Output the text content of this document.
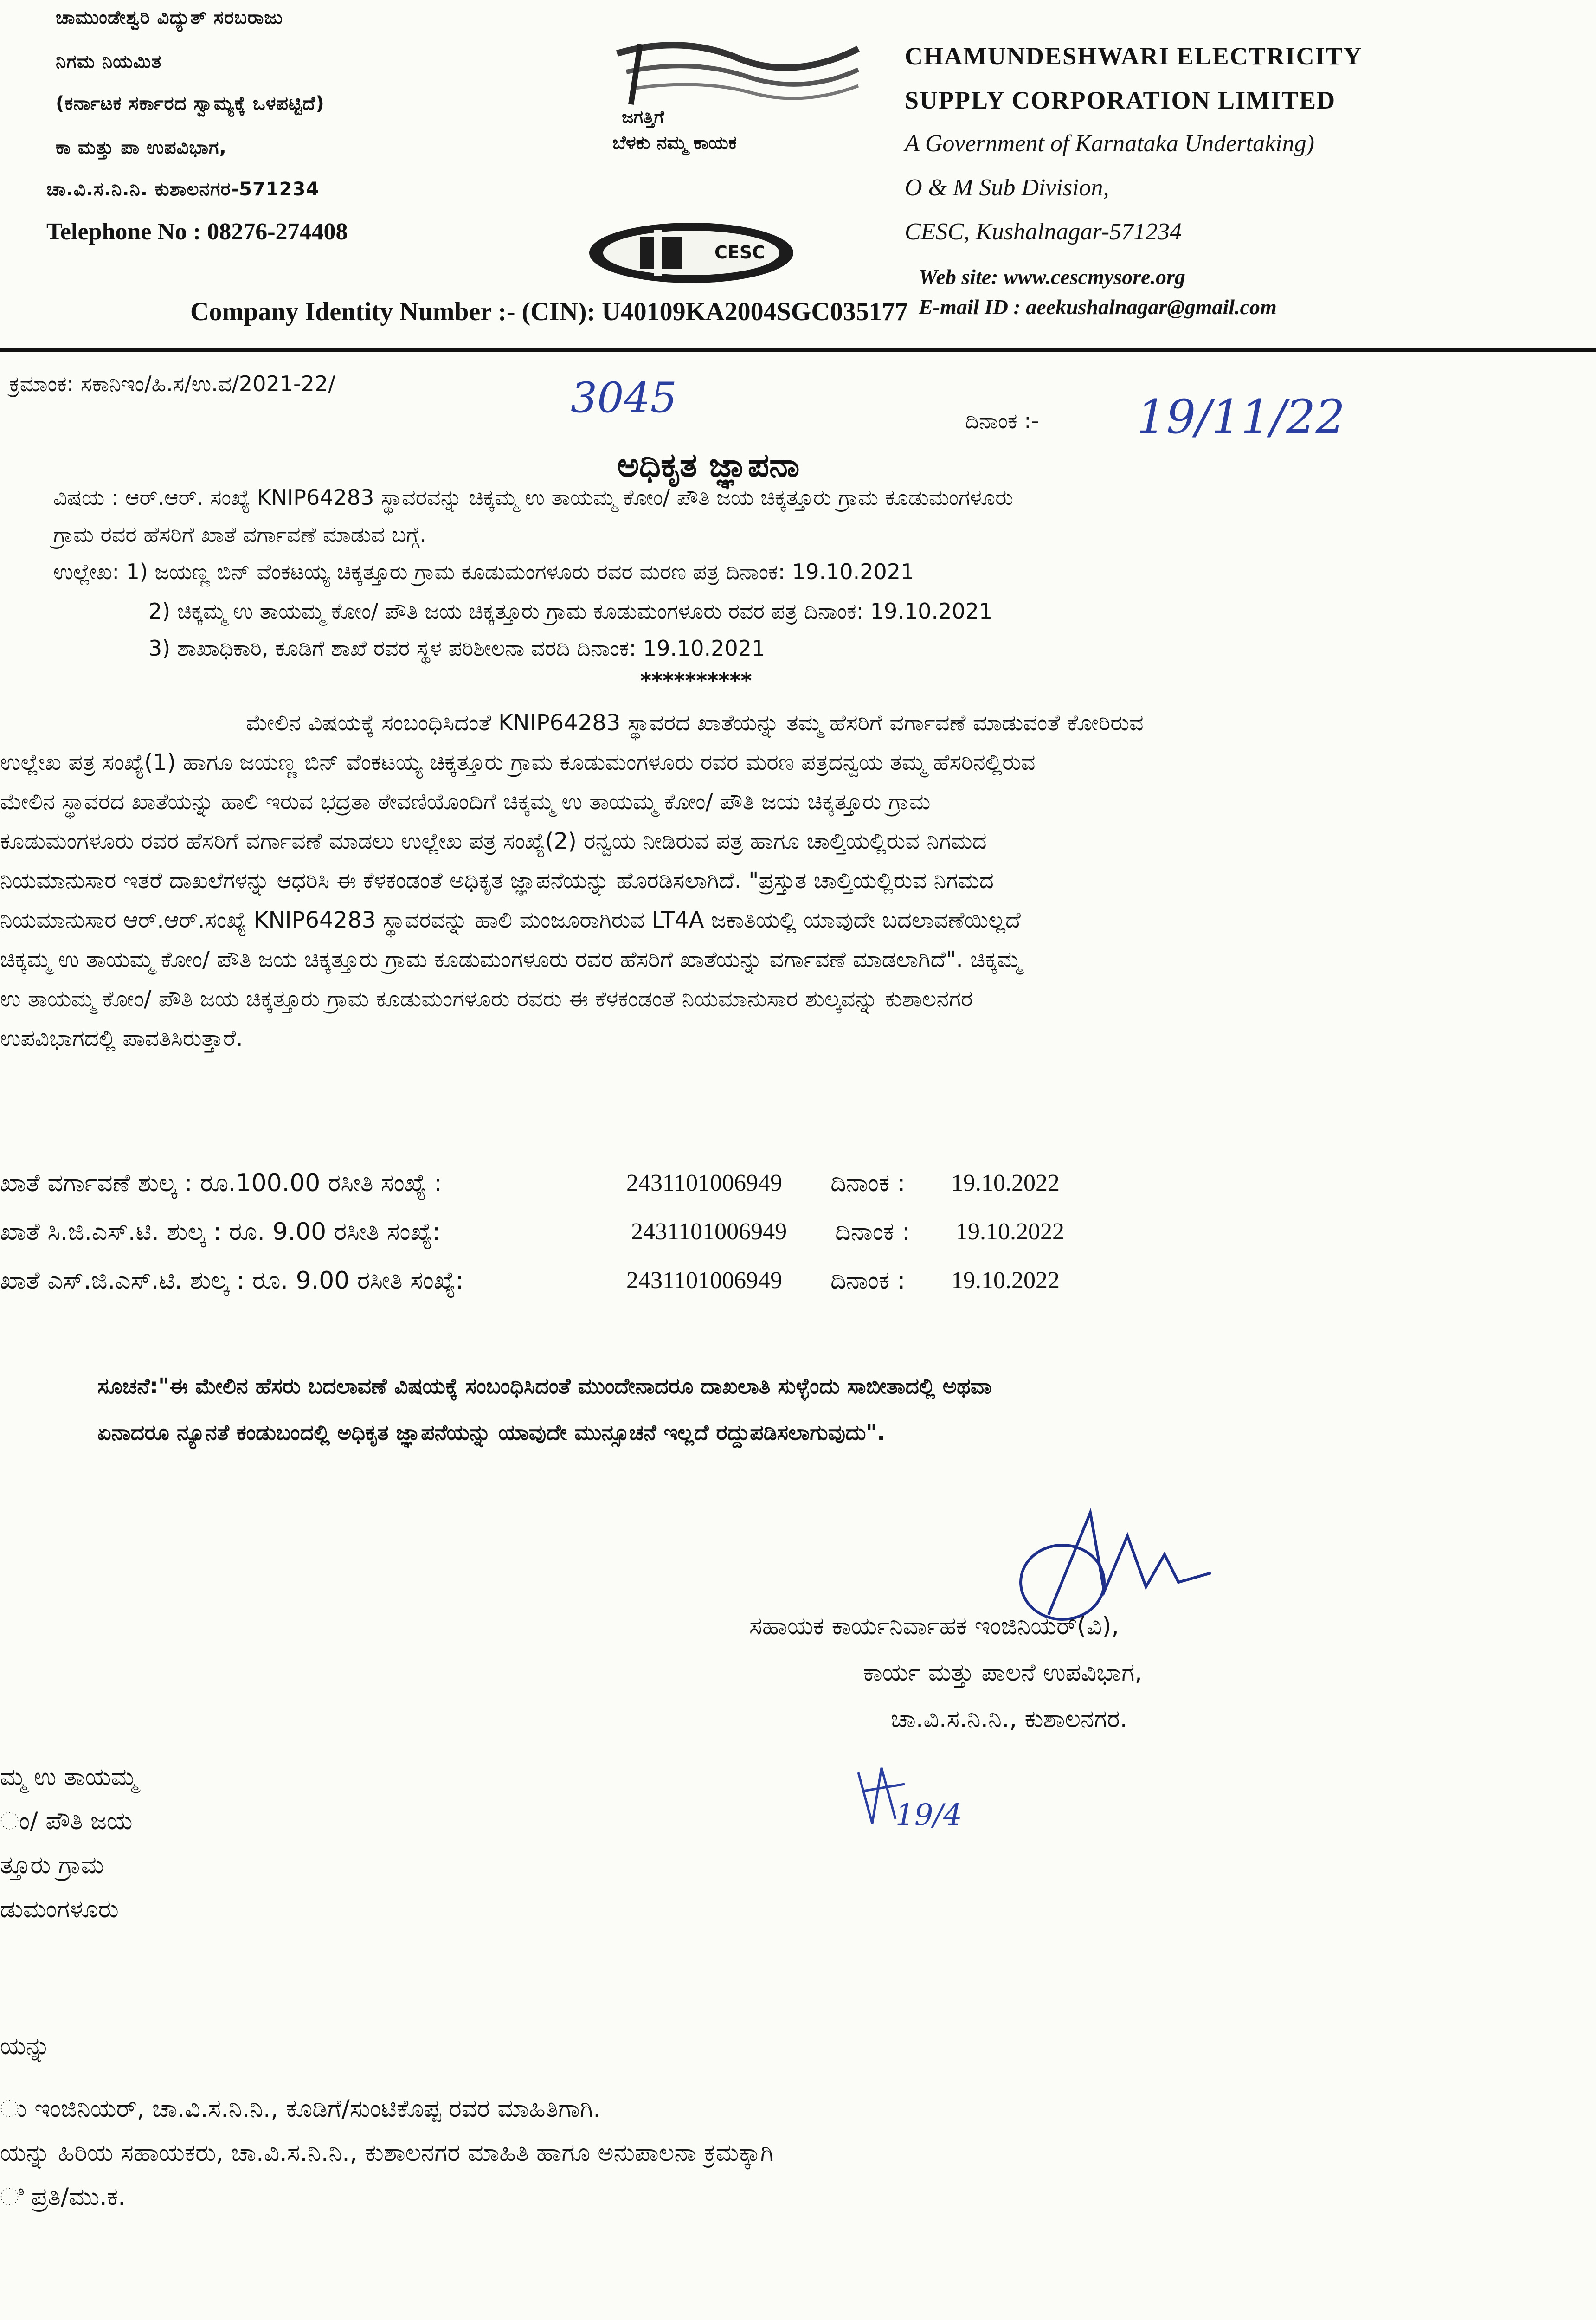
ಚಾಮುಂಡೇಶ್ವರಿ ವಿದ್ಯುತ್ ಸರಬರಾಜು
ನಿಗಮ ನಿಯಮಿತ
(ಕರ್ನಾಟಕ ಸರ್ಕಾರದ ಸ್ವಾಮ್ಯಕ್ಕೆ ಒಳಪಟ್ಟಿದೆ)
ಕಾ ಮತ್ತು ಪಾ ಉಪವಿಭಾಗ,
ಚಾ.ವಿ.ಸ.ನಿ.ನಿ. ಕುಶಾಲನಗರ-571234
Telephone No : 08276-274408
ಜಗತ್ತಿಗೆ
ಬೆಳಕು ನಮ್ಮ ಕಾಯಕ
CESC
CHAMUNDESHWARI ELECTRICITY
SUPPLY CORPORATION LIMITED
A Government of Karnataka Undertaking)
O & M Sub Division,
CESC, Kushalnagar-571234
Web site: www.cescmysore.org
E-mail ID : aeekushalnagar@gmail.com
Company Identity Number :- (CIN): U40109KA2004SGC035177
ಕ್ರಮಾಂಕ: ಸಕಾನಿಇಂ/ಹಿ.ಸ/ಉ.ವ/2021-22/	3045	ದಿನಾಂಕ :- 19/11/22
ಅಧಿಕೃತ ಜ್ಞಾಪನಾ
ವಿಷಯ : ಆರ್.ಆರ್. ಸಂಖ್ಯೆ KNIP64283 ಸ್ಥಾವರವನ್ನು ಚಿಕ್ಕಮ್ಮ ಉ ತಾಯಮ್ಮ ಕೋಂ/ ಪೌತಿ ಜಯ ಚಿಕ್ಕತ್ತೂರು ಗ್ರಾಮ ಕೂಡುಮಂಗಳೂರು
ಗ್ರಾಮ ರವರ ಹೆಸರಿಗೆ ಖಾತೆ ವರ್ಗಾವಣೆ ಮಾಡುವ ಬಗ್ಗೆ.
ಉಲ್ಲೇಖ: 1) ಜಯಣ್ಣ ಬಿನ್ ವೆಂಕಟಯ್ಯ ಚಿಕ್ಕತ್ತೂರು ಗ್ರಾಮ ಕೂಡುಮಂಗಳೂರು ರವರ ಮರಣ ಪತ್ರ ದಿನಾಂಕ: 19.10.2021
2) ಚಿಕ್ಕಮ್ಮ ಉ ತಾಯಮ್ಮ ಕೋಂ/ ಪೌತಿ ಜಯ ಚಿಕ್ಕತ್ತೂರು ಗ್ರಾಮ ಕೂಡುಮಂಗಳೂರು ರವರ ಪತ್ರ ದಿನಾಂಕ: 19.10.2021
3) ಶಾಖಾಧಿಕಾರಿ, ಕೂಡಿಗೆ ಶಾಖೆ ರವರ ಸ್ಥಳ ಪರಿಶೀಲನಾ ವರದಿ ದಿನಾಂಕ: 19.10.2021
**********
ಮೇಲಿನ ವಿಷಯಕ್ಕೆ ಸಂಬಂಧಿಸಿದಂತೆ KNIP64283 ಸ್ಥಾವರದ ಖಾತೆಯನ್ನು ತಮ್ಮ ಹೆಸರಿಗೆ ವರ್ಗಾವಣೆ ಮಾಡುವಂತೆ ಕೋರಿರುವ
ಉಲ್ಲೇಖ ಪತ್ರ ಸಂಖ್ಯೆ(1) ಹಾಗೂ ಜಯಣ್ಣ ಬಿನ್ ವೆಂಕಟಯ್ಯ ಚಿಕ್ಕತ್ತೂರು ಗ್ರಾಮ ಕೂಡುಮಂಗಳೂರು ರವರ ಮರಣ ಪತ್ರದನ್ವಯ ತಮ್ಮ ಹೆಸರಿನಲ್ಲಿರುವ
ಮೇಲಿನ ಸ್ಥಾವರದ ಖಾತೆಯನ್ನು ಹಾಲಿ ಇರುವ ಭದ್ರತಾ ಠೇವಣಿಯೊಂದಿಗೆ ಚಿಕ್ಕಮ್ಮ ಉ ತಾಯಮ್ಮ ಕೋಂ/ ಪೌತಿ ಜಯ ಚಿಕ್ಕತ್ತೂರು ಗ್ರಾಮ
ಕೂಡುಮಂಗಳೂರು ರವರ ಹೆಸರಿಗೆ ವರ್ಗಾವಣೆ ಮಾಡಲು ಉಲ್ಲೇಖ ಪತ್ರ ಸಂಖ್ಯೆ(2) ರನ್ವಯ ನೀಡಿರುವ ಪತ್ರ ಹಾಗೂ ಚಾಲ್ತಿಯಲ್ಲಿರುವ ನಿಗಮದ
ನಿಯಮಾನುಸಾರ ಇತರೆ ದಾಖಲೆಗಳನ್ನು ಆಧರಿಸಿ ಈ ಕೆಳಕಂಡಂತೆ ಅಧಿಕೃತ ಜ್ಞಾಪನೆಯನ್ನು ಹೊರಡಿಸಲಾಗಿದೆ. "ಪ್ರಸ್ತುತ ಚಾಲ್ತಿಯಲ್ಲಿರುವ ನಿಗಮದ
ನಿಯಮಾನುಸಾರ ಆರ್.ಆರ್.ಸಂಖ್ಯೆ KNIP64283 ಸ್ಥಾವರವನ್ನು ಹಾಲಿ ಮಂಜೂರಾಗಿರುವ LT4A ಜಕಾತಿಯಲ್ಲಿ ಯಾವುದೇ ಬದಲಾವಣೆಯಿಲ್ಲದೆ
ಚಿಕ್ಕಮ್ಮ ಉ ತಾಯಮ್ಮ ಕೋಂ/ ಪೌತಿ ಜಯ ಚಿಕ್ಕತ್ತೂರು ಗ್ರಾಮ ಕೂಡುಮಂಗಳೂರು ರವರ ಹೆಸರಿಗೆ ಖಾತೆಯನ್ನು ವರ್ಗಾವಣೆ ಮಾಡಲಾಗಿದೆ". ಚಿಕ್ಕಮ್ಮ
ಉ ತಾಯಮ್ಮ ಕೋಂ/ ಪೌತಿ ಜಯ ಚಿಕ್ಕತ್ತೂರು ಗ್ರಾಮ ಕೂಡುಮಂಗಳೂರು ರವರು ಈ ಕೆಳಕಂಡಂತೆ ನಿಯಮಾನುಸಾರ ಶುಲ್ಕವನ್ನು ಕುಶಾಲನಗರ
ಉಪವಿಭಾಗದಲ್ಲಿ ಪಾವತಿಸಿರುತ್ತಾರೆ.
ಖಾತೆ ವರ್ಗಾವಣೆ ಶುಲ್ಕ : ರೂ.100.00 ರಸೀತಿ ಸಂಖ್ಯೆ :	2431101006949 ದಿನಾಂಕ : 19.10.2022
ಖಾತೆ ಸಿ.ಜಿ.ಎಸ್.ಟಿ. ಶುಲ್ಕ : ರೂ. 9.00 ರಸೀತಿ ಸಂಖ್ಯೆ:	2431101006949 ದಿನಾಂಕ : 19.10.2022
ಖಾತೆ ಎಸ್.ಜಿ.ಎಸ್.ಟಿ. ಶುಲ್ಕ : ರೂ. 9.00 ರಸೀತಿ ಸಂಖ್ಯೆ:	2431101006949 ದಿನಾಂಕ : 19.10.2022
ಸೂಚನೆ:"ಈ ಮೇಲಿನ ಹೆಸರು ಬದಲಾವಣೆ ವಿಷಯಕ್ಕೆ ಸಂಬಂಧಿಸಿದಂತೆ ಮುಂದೇನಾದರೂ ದಾಖಲಾತಿ ಸುಳ್ಳೆಂದು ಸಾಬೀತಾದಲ್ಲಿ ಅಥವಾ
ಏನಾದರೂ ನ್ಯೂನತೆ ಕಂಡುಬಂದಲ್ಲಿ ಅಧಿಕೃತ ಜ್ಞಾಪನೆಯನ್ನು ಯಾವುದೇ ಮುನ್ಸೂಚನೆ ಇಲ್ಲದೆ ರದ್ದುಪಡಿಸಲಾಗುವುದು".
ಸಹಾಯಕ ಕಾರ್ಯನಿರ್ವಾಹಕ ಇಂಜಿನಿಯರ್(ವಿ),
ಕಾರ್ಯ ಮತ್ತು ಪಾಲನೆ ಉಪವಿಭಾಗ,
ಚಾ.ವಿ.ಸ.ನಿ.ನಿ., ಕುಶಾಲನಗರ.
19/4
ಮ್ಮ ಉ ತಾಯಮ್ಮ
ಂ/ ಪೌತಿ ಜಯ
ತ್ತೂರು ಗ್ರಾಮ
ಡುಮಂಗಳೂರು
ಯನ್ನು
ು ಇಂಜಿನಿಯರ್, ಚಾ.ವಿ.ಸ.ನಿ.ನಿ., ಕೂಡಿಗೆ/ಸುಂಟಿಕೊಪ್ಪ ರವರ ಮಾಹಿತಿಗಾಗಿ.
ಯನ್ನು ಹಿರಿಯ ಸಹಾಯಕರು, ಚಾ.ವಿ.ಸ.ನಿ.ನಿ., ಕುಶಾಲನಗರ ಮಾಹಿತಿ ಹಾಗೂ ಅನುಪಾಲನಾ ಕ್ರಮಕ್ಕಾಗಿ
ಿ ಪ್ರತಿ/ಮು.ಕ.
